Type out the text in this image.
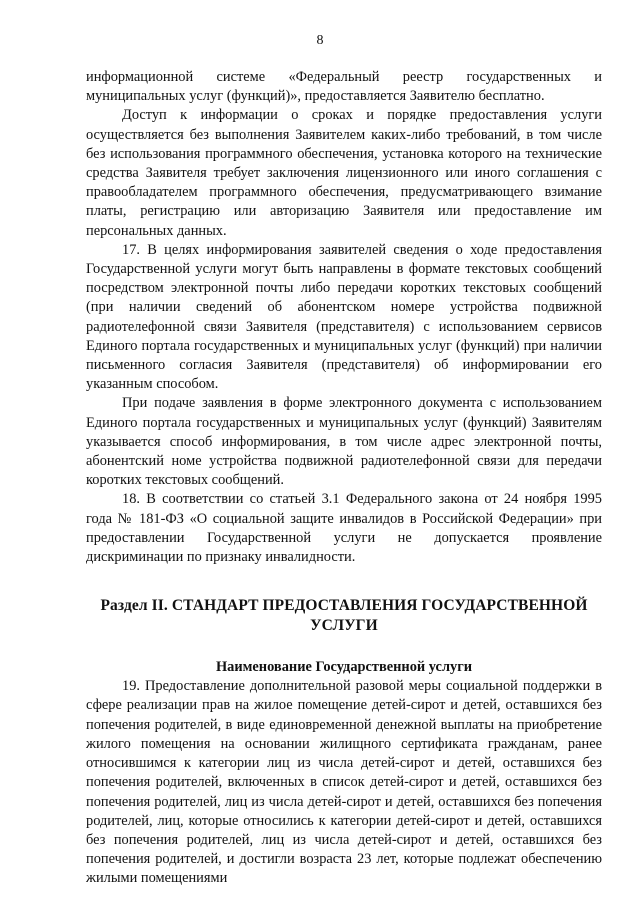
8

информационной системе «Федеральный реестр государственных и муниципальных услуг (функций)», предоставляется Заявителю бесплатно.

Доступ к информации о сроках и порядке предоставления услуги осуществляется без выполнения Заявителем каких-либо требований, в том числе без использования программного обеспечения, установка которого на технические средства Заявителя требует заключения лицензионного или иного соглашения с правообладателем программного обеспечения, предусматривающего взимание платы, регистрацию или авторизацию Заявителя или предоставление им персональных данных.

17. В целях информирования заявителей сведения о ходе предоставления Государственной услуги могут быть направлены в формате текстовых сообщений посредством электронной почты либо передачи коротких текстовых сообщений (при наличии сведений об абонентском номере устройства подвижной радиотелефонной связи Заявителя (представителя) с использованием сервисов Единого портала государственных и муниципальных услуг (функций) при наличии письменного согласия Заявителя (представителя) об информировании его указанным способом.

При подаче заявления в форме электронного документа с использованием Единого портала государственных и муниципальных услуг (функций) Заявителям указывается способ информирования, в том числе адрес электронной почты, абонентский номе устройства подвижной радиотелефонной связи для передачи коротких текстовых сообщений.

18. В соответствии со статьей 3.1 Федерального закона от 24 ноября 1995 года № 181-ФЗ «О социальной защите инвалидов в Российской Федерации» при предоставлении Государственной услуги не допускается проявление дискриминации по признаку инвалидности.

Раздел II. СТАНДАРТ ПРЕДОСТАВЛЕНИЯ ГОСУДАРСТВЕННОЙ УСЛУГИ
Наименование Государственной услуги

19. Предоставление дополнительной разовой меры социальной поддержки в сфере реализации прав на жилое помещение детей-сирот и детей, оставшихся без попечения родителей, в виде единовременной денежной выплаты на приобретение жилого помещения на основании жилищного сертификата гражданам, ранее относившимся к категории лиц из числа детей-сирот и детей, оставшихся без попечения родителей, включенных в список детей-сирот и детей, оставшихся без попечения родителей, лиц из числа детей-сирот и детей, оставшихся без попечения родителей, лиц, которые относились к категории детей-сирот и детей, оставшихся без попечения родителей, лиц из числа детей-сирот и детей, оставшихся без попечения родителей, и достигли возраста 23 лет, которые подлежат обеспечению жилыми помещениями
